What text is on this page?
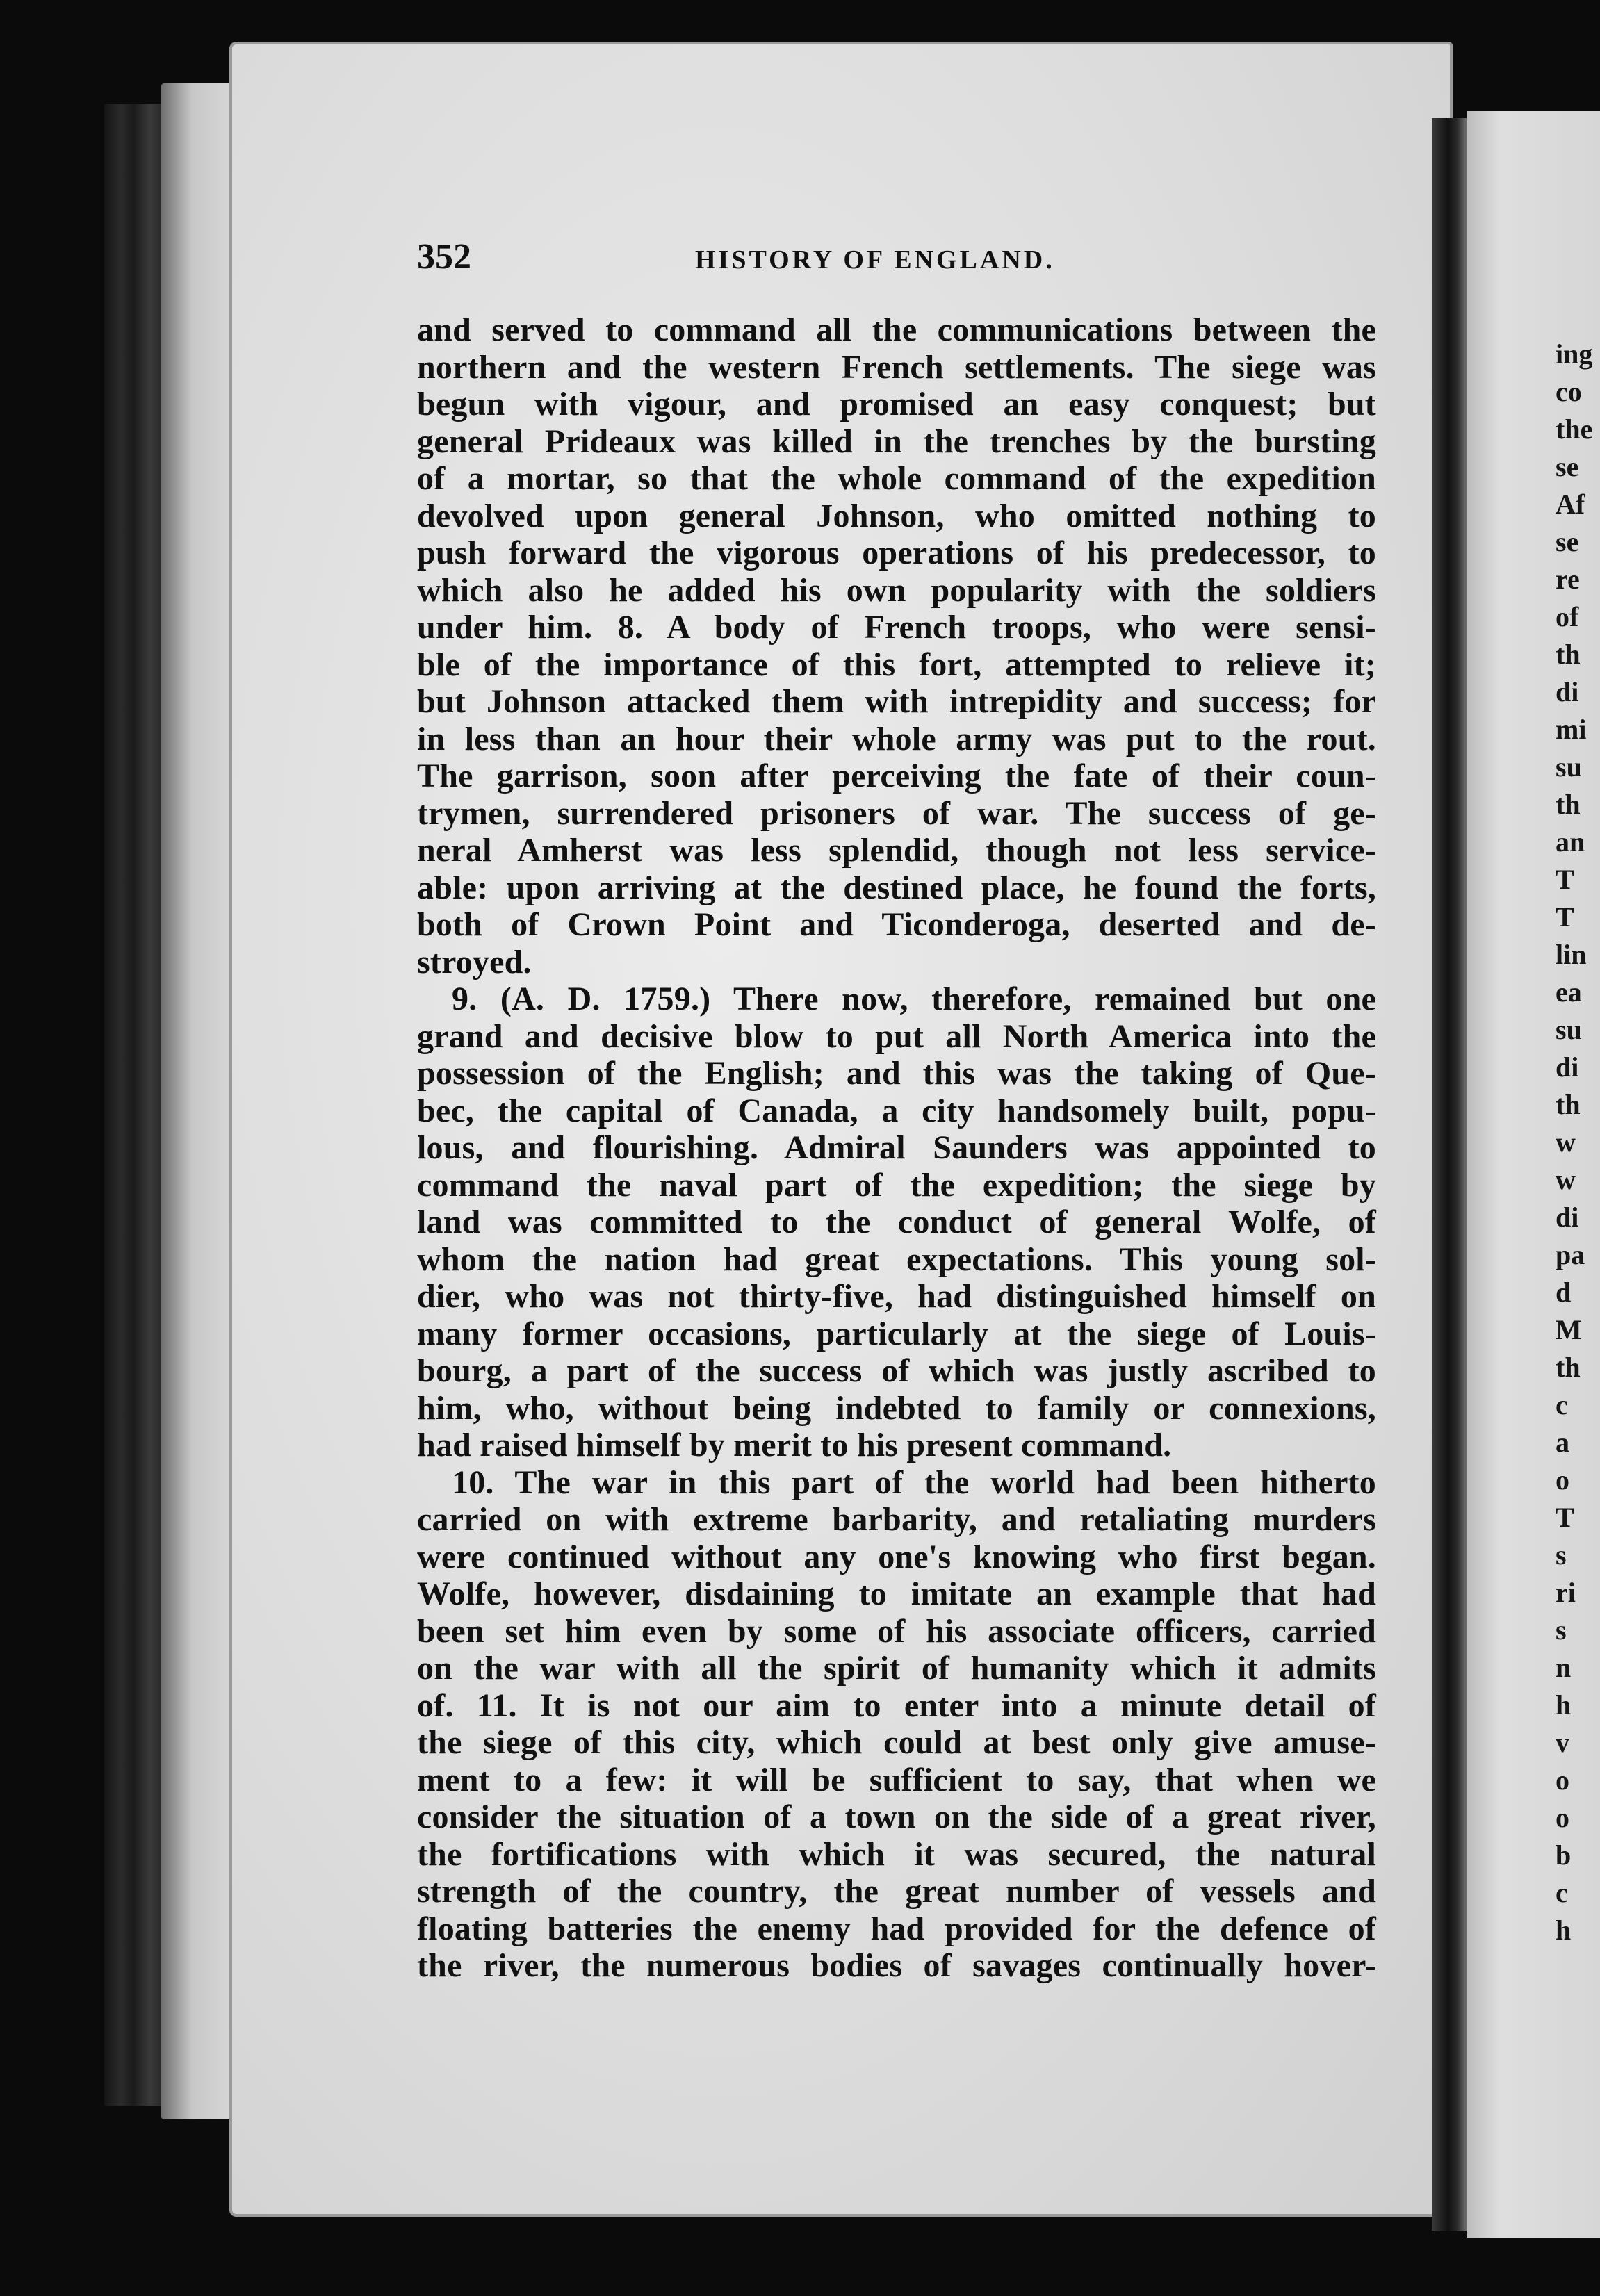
352	HISTORY OF ENGLAND.
and served to command all the communications between the
northern and the western French settlements. The siege was
begun with vigour, and promised an easy conquest; but
general Prideaux was killed in the trenches by the bursting
of a mortar, so that the whole command of the expedition
devolved upon general Johnson, who omitted nothing to
push forward the vigorous operations of his predecessor, to
which also he added his own popularity with the soldiers
under him. 8. A body of French troops, who were sensi-
ble of the importance of this fort, attempted to relieve it;
but Johnson attacked them with intrepidity and success; for
in less than an hour their whole army was put to the rout.
The garrison, soon after perceiving the fate of their coun-
trymen, surrendered prisoners of war. The success of ge-
neral Amherst was less splendid, though not less service-
able: upon arriving at the destined place, he found the forts,
both of Crown Point and Ticonderoga, deserted and de-
stroyed.
9. (A. D. 1759.) There now, therefore, remained but one
grand and decisive blow to put all North America into the
possession of the English; and this was the taking of Que-
bec, the capital of Canada, a city handsomely built, popu-
lous, and flourishing. Admiral Saunders was appointed to
command the naval part of the expedition; the siege by
land was committed to the conduct of general Wolfe, of
whom the nation had great expectations. This young sol-
dier, who was not thirty-five, had distinguished himself on
many former occasions, particularly at the siege of Louis-
bourg, a part of the success of which was justly ascribed to
him, who, without being indebted to family or connexions,
had raised himself by merit to his present command.
10. The war in this part of the world had been hitherto
carried on with extreme barbarity, and retaliating murders
were continued without any one's knowing who first began.
Wolfe, however, disdaining to imitate an example that had
been set him even by some of his associate officers, carried
on the war with all the spirit of humanity which it admits
of. 11. It is not our aim to enter into a minute detail of
the siege of this city, which could at best only give amuse-
ment to a few: it will be sufficient to say, that when we
consider the situation of a town on the side of a great river,
the fortifications with which it was secured, the natural
strength of the country, the great number of vessels and
floating batteries the enemy had provided for the defence of
the river, the numerous bodies of savages continually hover-
ing
co
the
se
Af
se
re
of
th
di
mi
su
th
an
T
T
lin
ea
su
di
th
w
w
di
pa
d
M
th
c
a
o
T
s
ri
s
n
h
v
o
o
b
c
h
